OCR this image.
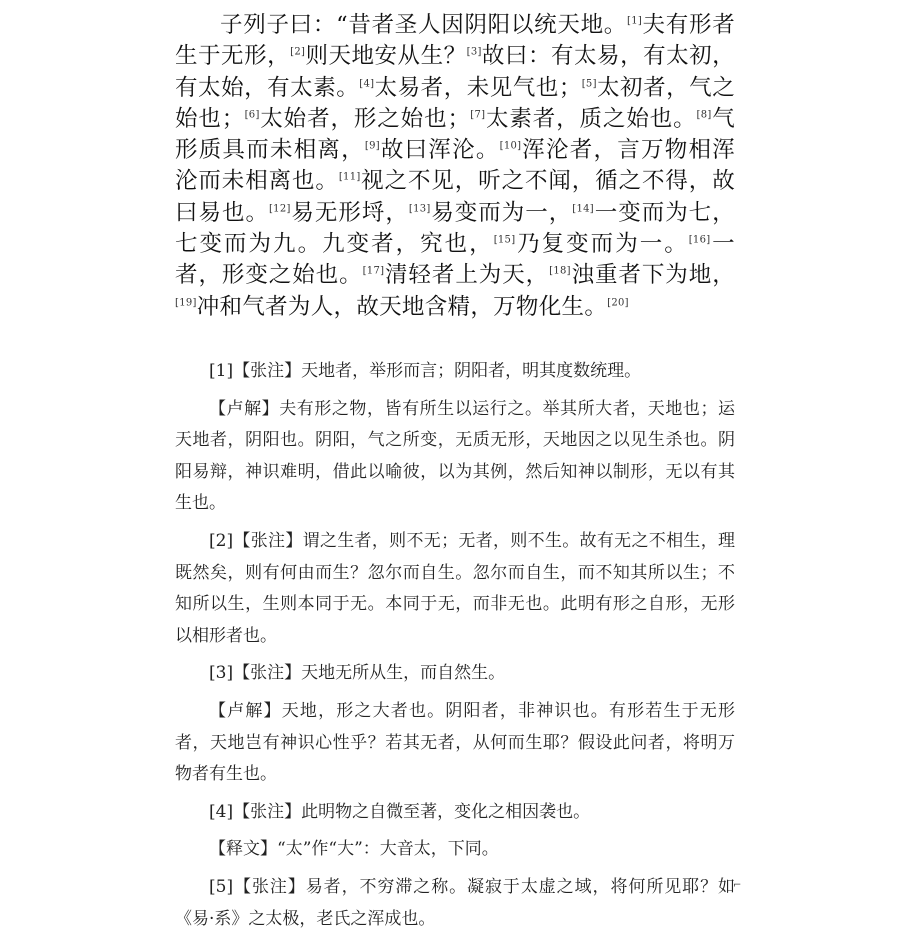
子列子曰：“昔者圣人因阴阳以统天地。[1]夫有形者生于无形，[2]则天地安从生？[3]故曰：有太易，有太初，有太始，有太素。[4]太易者，未见气也；[5]太初者，气之始也；[6]太始者，形之始也；[7]太素者，质之始也。[8]气形质具而未相离，[9]故曰浑沦。[10]浑沦者，言万物相浑沦而未相离也。[11]视之不见，听之不闻，循之不得，故曰易也。[12]易无形埒，[13]易变而为一，[14]一变而为七，七变而为九。九变者，究也，[15]乃复变而为一。[16]一者，形变之始也。[17]清轻者上为天，[18]浊重者下为地，[19]冲和气者为人，故天地含精，万物化生。[20]

[1]【张注】天地者，举形而言；阴阳者，明其度数统理。

【卢解】夫有形之物，皆有所生以运行之。举其所大者，天地也；运天地者，阴阳也。阴阳，气之所变，无质无形，天地因之以见生杀也。阴阳易辩，神识难明，借此以喻彼，以为其例，然后知神以制形，无以有其生也。

[2]【张注】谓之生者，则不无；无者，则不生。故有无之不相生，理既然矣，则有何由而生？忽尔而自生。忽尔而自生，而不知其所以生；不知所以生，生则本同于无。本同于无，而非无也。此明有形之自形，无形以相形者也。

[3]【张注】天地无所从生，而自然生。

【卢解】天地，形之大者也。阴阳者，非神识也。有形若生于无形者，天地岂有神识心性乎？若其无者，从何而生耶？假设此问者，将明万物者有生也。

[4]【张注】此明物之自微至著，变化之相因袭也。

【释文】“太”作“大”：大音太，下同。

[5]【张注】易者，不穷滞之称。凝寂于太虚之域，将何所见耶？如《易·系》之太极，老氏之浑成也。

⌐
